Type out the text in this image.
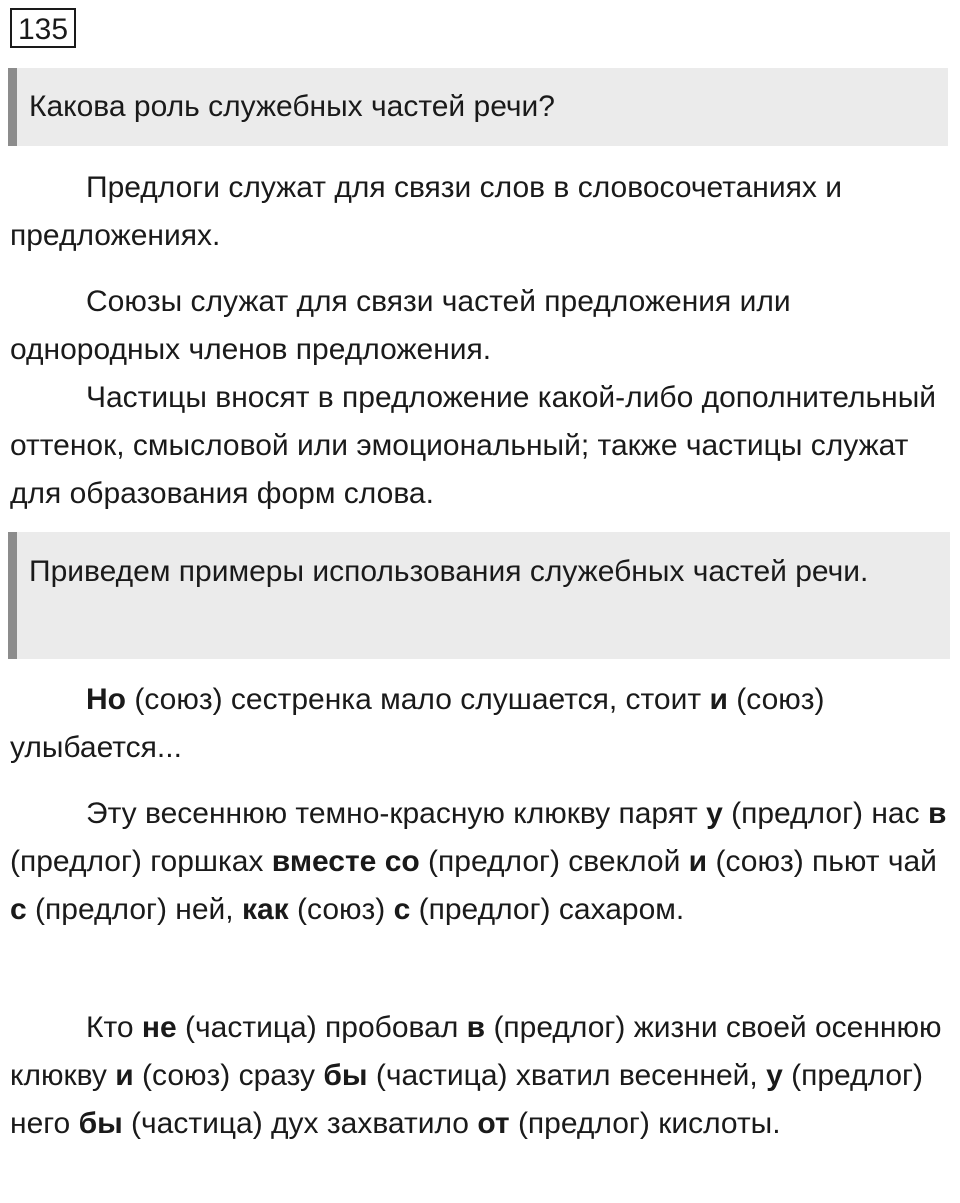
135
Какова роль служебных частей речи?

Предлоги служат для связи слов в словосочетаниях и предложениях.

Союзы служат для связи частей предложения или однородных членов предложения.

Частицы вносят в предложение какой-либо дополнительный оттенок, смысловой или эмоциональный; также частицы служат для образования форм слова.

Приведем примеры использования служебных частей речи.

Но (союз) сестренка мало слушается, стоит и (союз) улыбается...

Эту весеннюю темно-красную клюкву парят у (предлог) нас в (предлог) горшках вместе со (предлог) свеклой и (союз) пьют чай с (предлог) ней, как (союз) с (предлог) сахаром.

Кто не (частица) пробовал в (предлог) жизни своей осеннюю клюкву и (союз) сразу бы (частица) хватил весенней, у (предлог) него бы (частица) дух захватило от (предлог) кислоты.
